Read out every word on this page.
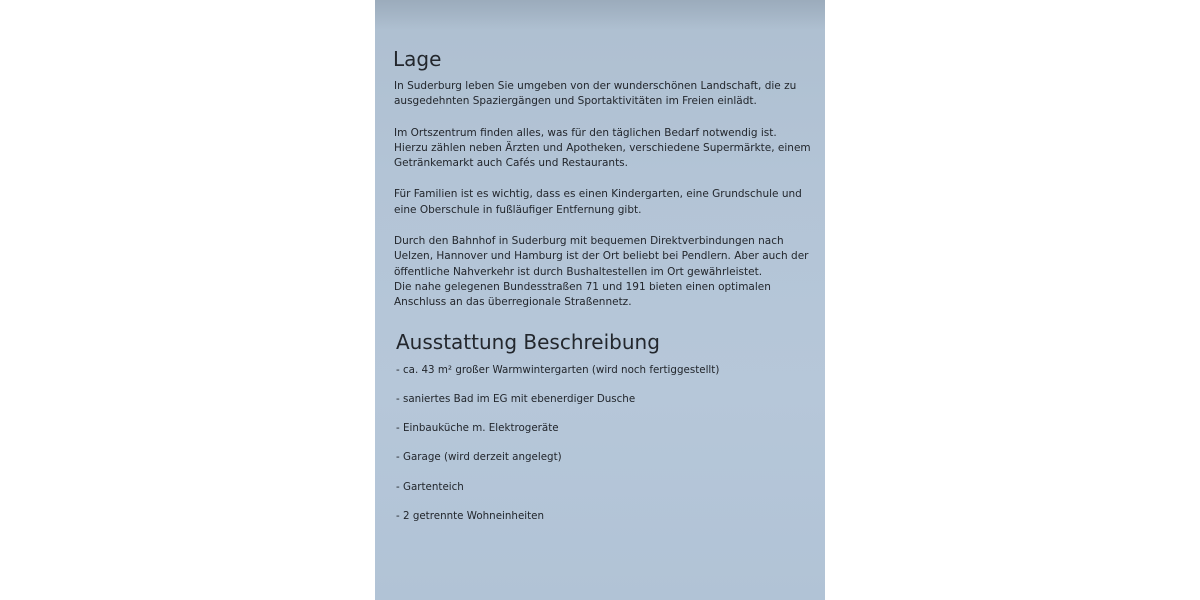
Lage

In Suderburg leben Sie umgeben von der wunderschönen Landschaft, die zu ausgedehnten Spaziergängen und Sportaktivitäten im Freien einlädt.

Im Ortszentrum finden alles, was für den täglichen Bedarf notwendig ist. Hierzu zählen neben Ärzten und Apotheken, verschiedene Supermärkte, einem Getränkemarkt auch Cafés und Restaurants.

Für Familien ist es wichtig, dass es einen Kindergarten, eine Grundschule und eine Oberschule in fußläufiger Entfernung gibt.

Durch den Bahnhof in Suderburg mit bequemen Direktverbindungen nach Uelzen, Hannover und Hamburg ist der Ort beliebt bei Pendlern. Aber auch der öffentliche Nahverkehr ist durch Bushaltestellen im Ort gewährleistet.

Die nahe gelegenen Bundesstraßen 71 und 191 bieten einen optimalen Anschluss an das überregionale Straßennetz.

Ausstattung Beschreibung
- ca. 43 m² großer Warmwintergarten (wird noch fertiggestellt)
- saniertes Bad im EG mit ebenerdiger Dusche
- Einbauküche m. Elektrogeräte
- Garage (wird derzeit angelegt)
- Gartenteich
- 2 getrennte Wohneinheiten
